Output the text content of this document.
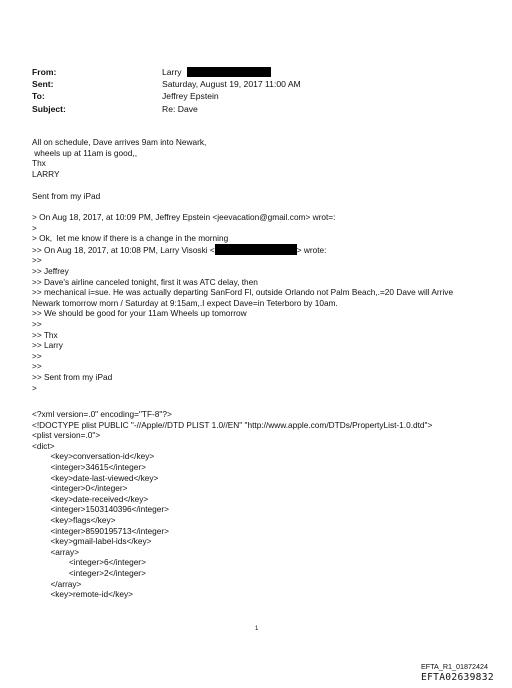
From:	Larry
Sent:	Saturday, August 19, 2017 11:00 AM
To:	Jeffrey Epstein
Subject:	Re: Dave
All on schedule, Dave arrives 9am into Newark,
wheels up at 11am is good,,
Thx
LARRY
Sent from my iPad
> On Aug 18, 2017, at 10:09 PM, Jeffrey Epstein <jeevacation@gmail.com> wrot=:
>
> Ok,  let me know if there is a change in the morning
>> On Aug 18, 2017, at 10:08 PM, Larry Visoski <	> wrote:
>>
>> Jeffrey
>> Dave's airline canceled tonight, first it was ATC delay, then
>> mechanical i=sue. He was actually departing SanFord Fl, outside Orlando not Palm Beach,.=20 Dave will Arrive
Newark tomorrow morn / Saturday at 9:15am,.I expect Dave=in Teterboro by 10am.
>> We should be good for your 11am Wheels up tomorrow
>>
>> Thx
>> Larry
>>
>>
>> Sent from my iPad
>
<?xml version=.0" encoding="TF-8"?>
<!DOCTYPE plist PUBLIC "-//Apple//DTD PLIST 1.0//EN" "http://www.apple.com/DTDs/PropertyList-1.0.dtd">
<plist version=.0">
<dict>
<key>conversation-id</key>
<integer>34615</integer>
<key>date-last-viewed</key>
<integer>0</integer>
<key>date-received</key>
<integer>1503140396</integer>
<key>flags</key>
<integer>8590195713</integer>
<key>gmail-label-ids</key>
<array>
<integer>6</integer>
<integer>2</integer>
</array>
<key>remote-id</key>
1
EFTA_R1_01872424
EFTA02639832
